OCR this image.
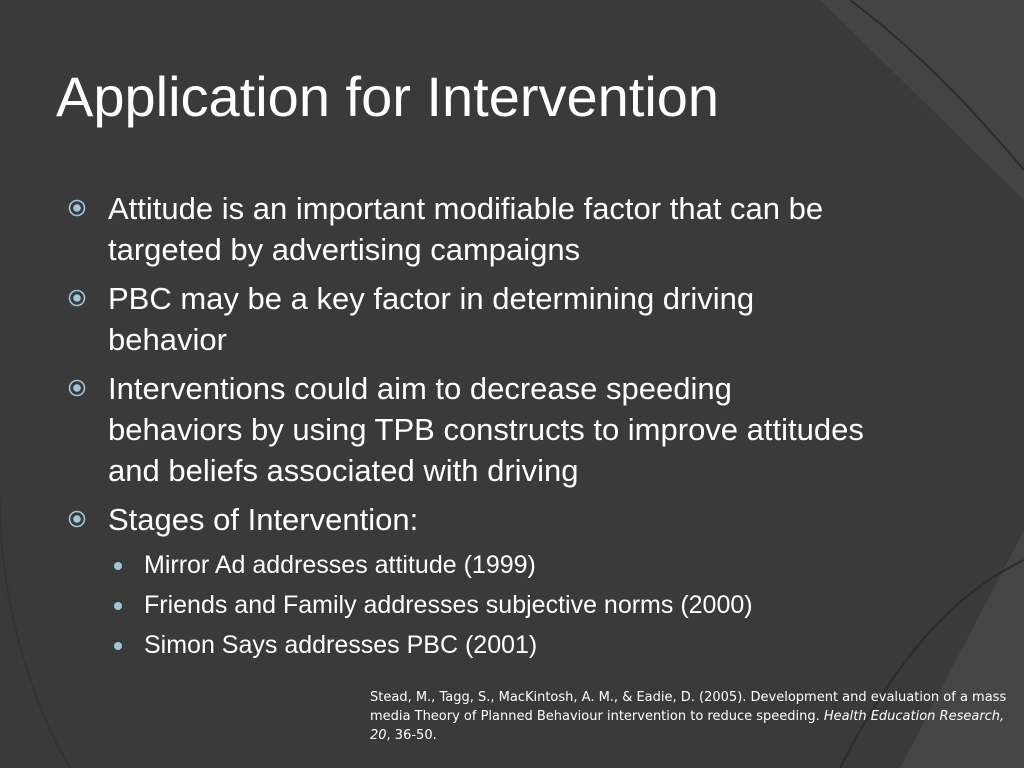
Application for Intervention
Attitude is an important modifiable factor that can be targeted by advertising campaigns
PBC may be a key factor in determining driving behavior
Interventions could aim to decrease speeding behaviors by using TPB constructs to improve attitudes and beliefs associated with driving
Stages of Intervention:
Mirror Ad addresses attitude (1999)
Friends and Family addresses subjective norms (2000)
Simon Says addresses PBC (2001)
Stead, M., Tagg, S., MacKintosh, A. M., & Eadie, D. (2005). Development and evaluation of a mass media Theory of Planned Behaviour intervention to reduce speeding. Health Education Research, 20, 36-50.
